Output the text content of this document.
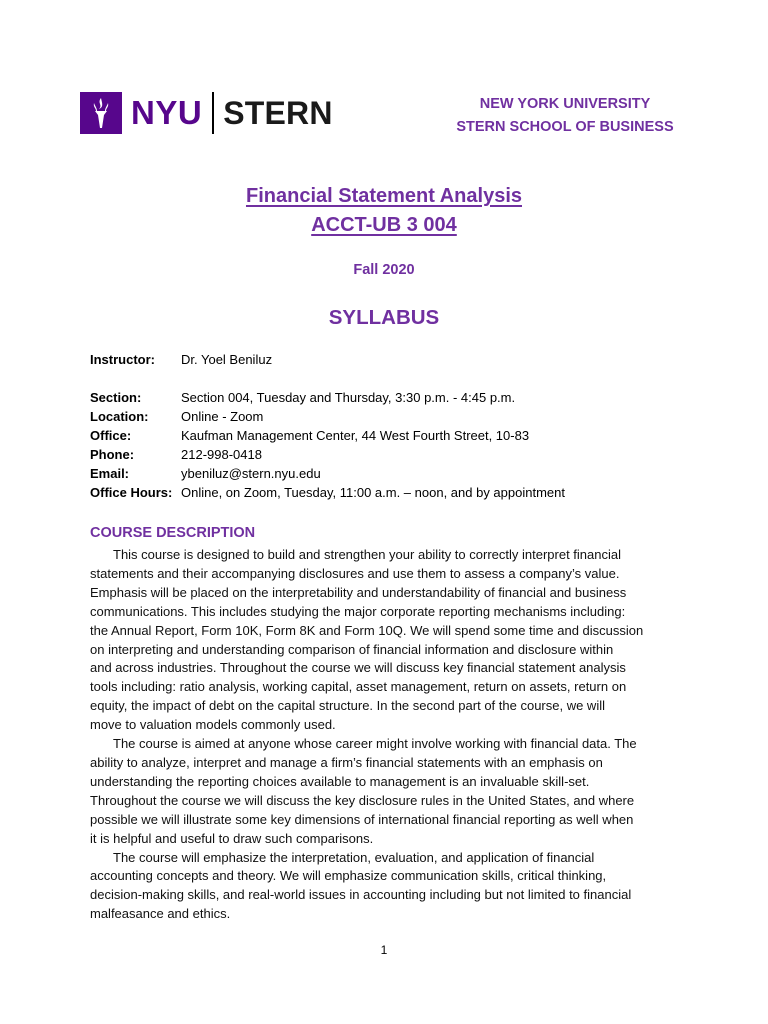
NYU STERN	NEW YORK UNIVERSITY
STERN SCHOOL OF BUSINESS
Financial Statement Analysis
ACCT-UB 3 004
Fall 2020
SYLLABUS
Instructor:	Dr. Yoel Beniluz
Section:	Section 004, Tuesday and Thursday, 3:30 p.m. - 4:45 p.m.
Location:	Online - Zoom
Office:	Kaufman Management Center, 44 West Fourth Street, 10-83
Phone:	212-998-0418
Email:	ybeniluz@stern.nyu.edu
Office Hours: Online, on Zoom, Tuesday, 11:00 a.m. – noon, and by appointment
COURSE DESCRIPTION
This course is designed to build and strengthen your ability to correctly interpret financial
statements and their accompanying disclosures and use them to assess a company’s value.
Emphasis will be placed on the interpretability and understandability of financial and business
communications. This includes studying the major corporate reporting mechanisms including:
the Annual Report, Form 10K, Form 8K and Form 10Q. We will spend some time and discussion
on interpreting and understanding comparison of financial information and disclosure within
and across industries. Throughout the course we will discuss key financial statement analysis
tools including: ratio analysis, working capital, asset management, return on assets, return on
equity, the impact of debt on the capital structure. In the second part of the course, we will
move to valuation models commonly used.
The course is aimed at anyone whose career might involve working with financial data. The
ability to analyze, interpret and manage a firm’s financial statements with an emphasis on
understanding the reporting choices available to management is an invaluable skill-set.
Throughout the course we will discuss the key disclosure rules in the United States, and where
possible we will illustrate some key dimensions of international financial reporting as well when
it is helpful and useful to draw such comparisons.
The course will emphasize the interpretation, evaluation, and application of financial
accounting concepts and theory. We will emphasize communication skills, critical thinking,
decision-making skills, and real-world issues in accounting including but not limited to financial
malfeasance and ethics.
1
